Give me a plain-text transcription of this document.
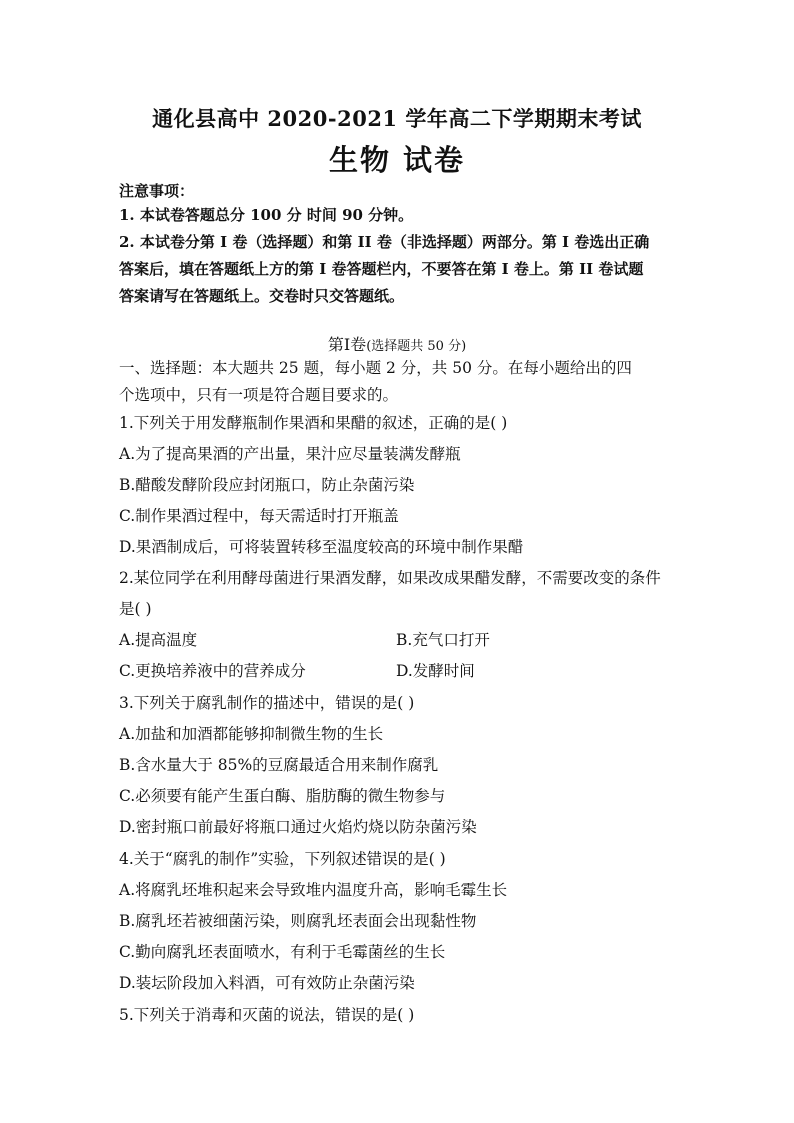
通化县高中 2020-2021 学年高二下学期期末考试
生物 试卷
注意事项：
1. 本试卷答题总分 100 分 时间 90 分钟。
2. 本试卷分第 I 卷（选择题）和第 II 卷（非选择题）两部分。第 I 卷选出正确
答案后，填在答题纸上方的第 I 卷答题栏内，不要答在第 I 卷上。第 II 卷试题
答案请写在答题纸上。交卷时只交答题纸。
第Ⅰ卷(选择题共 50 分)
一、选择题：本大题共 25 题，每小题 2 分，共 50 分。在每小题给出的四
个选项中，只有一项是符合题目要求的。
1.下列关于用发酵瓶制作果酒和果醋的叙述，正确的是( )
A.为了提高果酒的产出量，果汁应尽量装满发酵瓶
B.醋酸发酵阶段应封闭瓶口，防止杂菌污染
C.制作果酒过程中，每天需适时打开瓶盖
D.果酒制成后，可将装置转移至温度较高的环境中制作果醋
2.某位同学在利用酵母菌进行果酒发酵，如果改成果醋发酵，不需要改变的条件
是( )
A.提高温度	B.充气口打开
C.更换培养液中的营养成分	D.发酵时间
3.下列关于腐乳制作的描述中，错误的是( )
A.加盐和加酒都能够抑制微生物的生长
B.含水量大于 85%的豆腐最适合用来制作腐乳
C.必须要有能产生蛋白酶、脂肪酶的微生物参与
D.密封瓶口前最好将瓶口通过火焰灼烧以防杂菌污染
4.关于“腐乳的制作”实验，下列叙述错误的是( )
A.将腐乳坯堆积起来会导致堆内温度升高，影响毛霉生长
B.腐乳坯若被细菌污染，则腐乳坯表面会出现黏性物
C.勤向腐乳坯表面喷水，有利于毛霉菌丝的生长
D.装坛阶段加入料酒，可有效防止杂菌污染
5.下列关于消毒和灭菌的说法，错误的是( )
